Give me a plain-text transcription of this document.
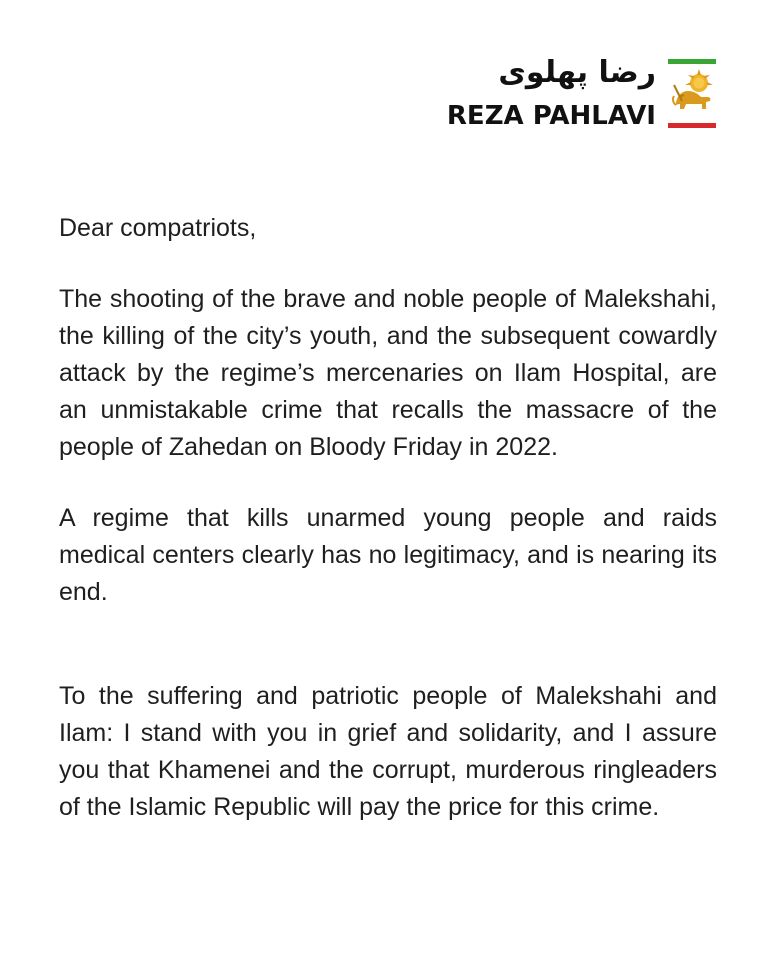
رضا پهلوی
REZA PAHLAVI

Dear compatriots,

The shooting of the brave and noble people of Malekshahi, the killing of the city’s youth, and the subsequent cowardly attack by the regime’s mercenaries on Ilam Hospital, are an unmistakable crime that recalls the massacre of the people of Zahedan on Bloody Friday in 2022.

A regime that kills unarmed young people and raids medical centers clearly has no legitimacy, and is nearing its end.

To the suffering and patriotic people of Malekshahi and Ilam: I stand with you in grief and solidarity, and I assure you that Khamenei and the corrupt, murderous ringleaders of the Islamic Republic will pay the price for this crime.
